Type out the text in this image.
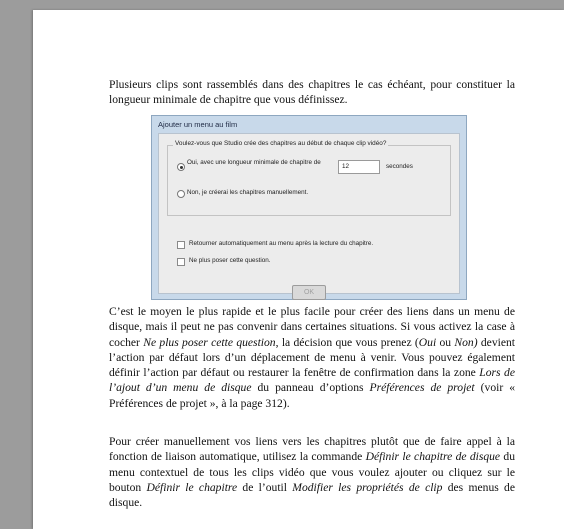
Plusieurs clips sont rassemblés dans des chapitres le cas échéant, pour constituer la longueur minimale de chapitre que vous définissez.

Ajouter un menu au film
Voulez-vous que Studio crée des chapitres au début de chaque clip vidéo?
Oui, avec une longueur minimale de chapitre de
12	secondes
Non, je créerai les chapitres manuellement.
Retourner automatiquement au menu après la lecture du chapitre.
Ne plus poser cette question.
OK

C’est le moyen le plus rapide et le plus facile pour créer des liens dans un menu de disque, mais il peut ne pas convenir dans certaines situations. Si vous activez la case à cocher Ne plus poser cette question, la décision que vous prenez (Oui ou Non) devient l’action par défaut lors d’un déplacement de menu à venir. Vous pouvez également définir l’action par défaut ou restaurer la fenêtre de confirmation dans la zone Lors de l’ajout d’un menu de disque du panneau d’options Préférences de projet (voir « Préférences de projet », à la page 312).

Pour créer manuellement vos liens vers les chapitres plutôt que de faire appel à la fonction de liaison automatique, utilisez la commande Définir le chapitre de disque du menu contextuel de tous les clips vidéo que vous voulez ajouter ou cliquez sur le bouton Définir le chapitre de l’outil Modifier les propriétés de clip des menus de disque.
